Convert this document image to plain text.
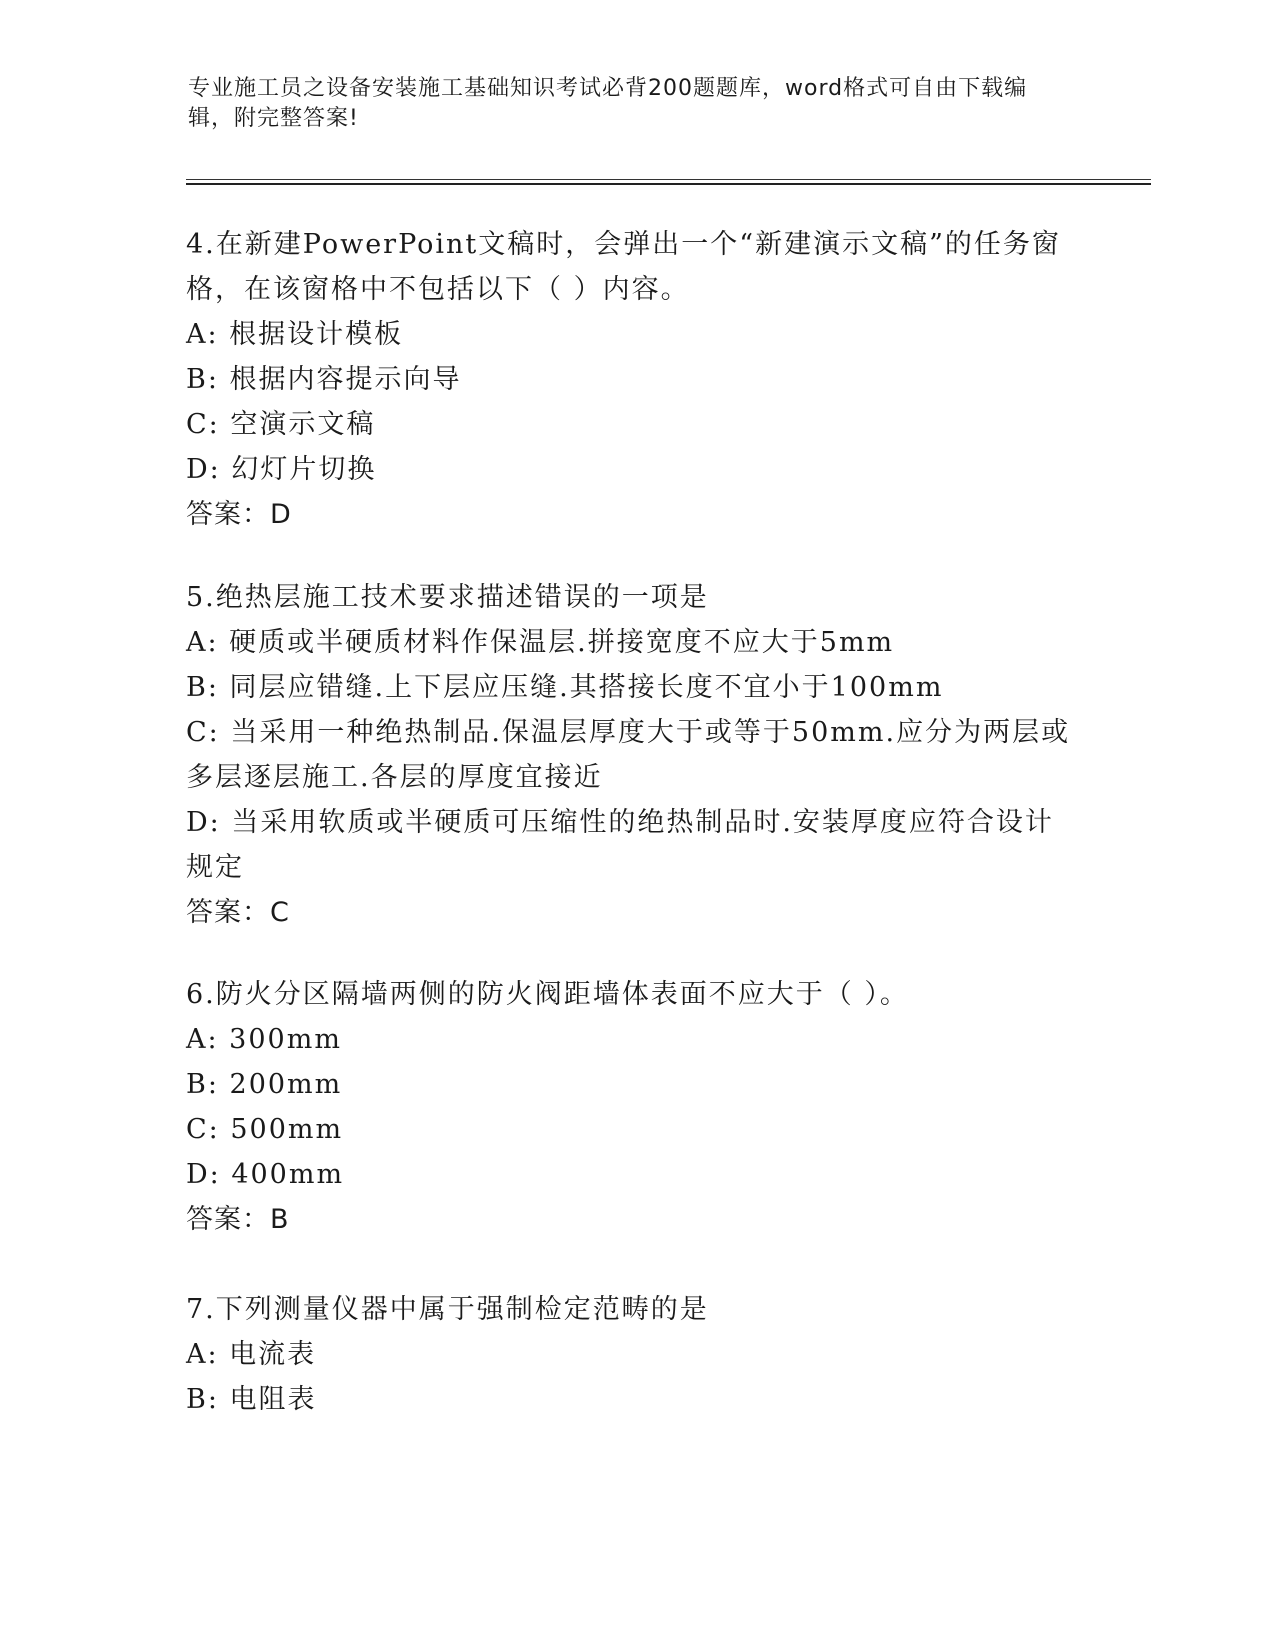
专业施工员之设备安装施工基础知识考试必背200题题库，word格式可自由下载编辑，附完整答案!
4.在新建PowerPoint文稿时，会弹出一个“新建演示文稿”的任务窗格，在该窗格中不包括以下（ ）内容。
A: 根据设计模板
B: 根据内容提示向导
C: 空演示文稿
D: 幻灯片切换
答案：D
5.绝热层施工技术要求描述错误的一项是
A: 硬质或半硬质材料作保温层.拼接宽度不应大于5mm
B: 同层应错缝.上下层应压缝.其搭接长度不宜小于100mm
C: 当采用一种绝热制品.保温层厚度大于或等于50mm.应分为两层或多层逐层施工.各层的厚度宜接近
D: 当采用软质或半硬质可压缩性的绝热制品时.安装厚度应符合设计规定
答案：C
6.防火分区隔墙两侧的防火阀距墙体表面不应大于（ ）。
A: 300mm
B: 200mm
C: 500mm
D: 400mm
答案：B
7.下列测量仪器中属于强制检定范畴的是
A: 电流表
B: 电阻表
